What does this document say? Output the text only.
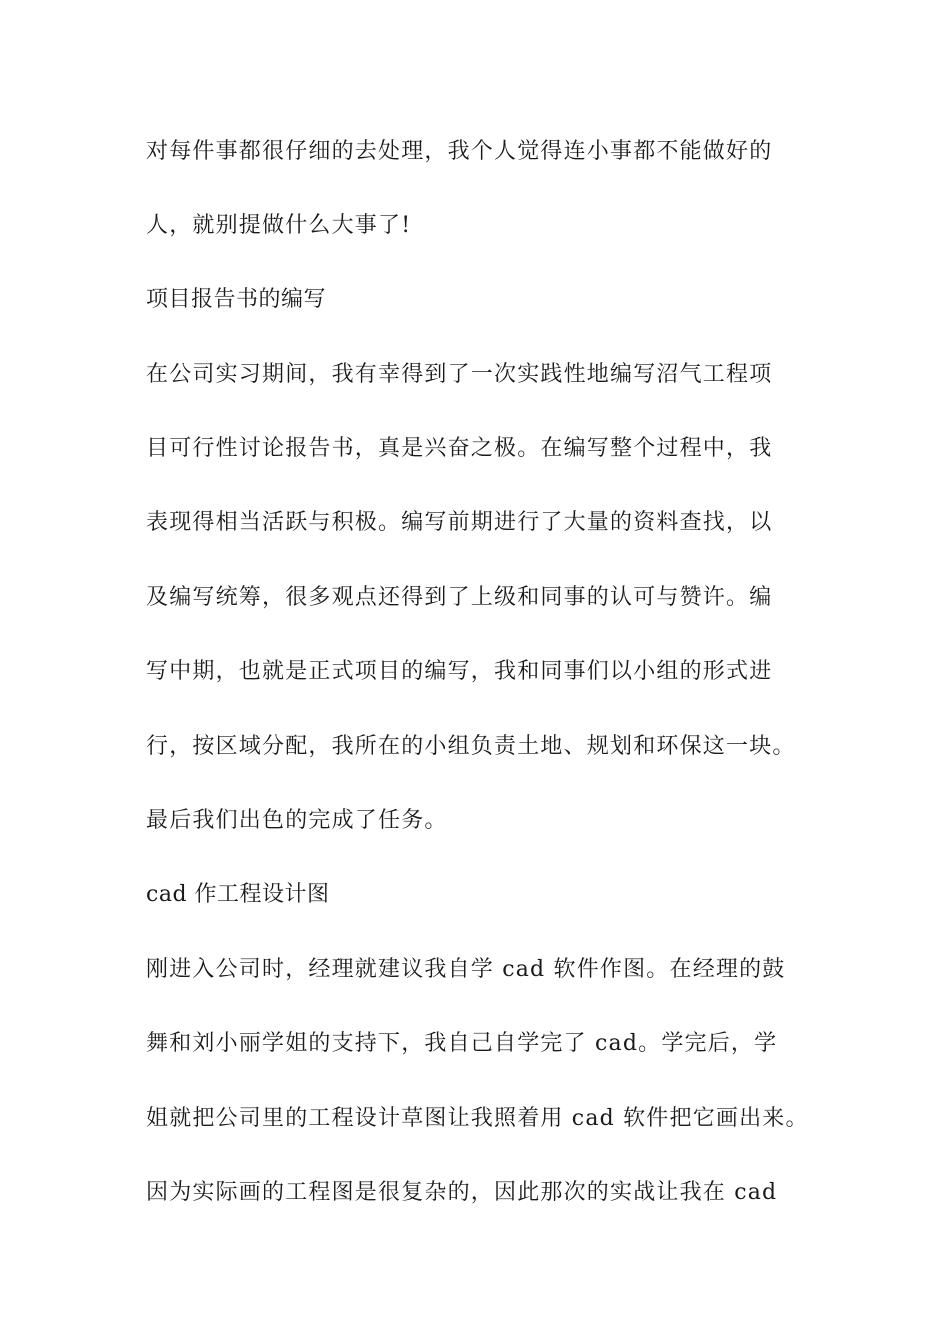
对每件事都很仔细的去处理，我个人觉得连小事都不能做好的
人，就别提做什么大事了!
项目报告书的编写
在公司实习期间，我有幸得到了一次实践性地编写沼气工程项
目可行性讨论报告书，真是兴奋之极。在编写整个过程中，我
表现得相当活跃与积极。编写前期进行了大量的资料查找，以
及编写统筹，很多观点还得到了上级和同事的认可与赞许。编
写中期，也就是正式项目的编写，我和同事们以小组的形式进
行，按区域分配，我所在的小组负责土地、规划和环保这一块。
最后我们出色的完成了任务。
cad 作工程设计图
刚进入公司时，经理就建议我自学 cad 软件作图。在经理的鼓
舞和刘小丽学姐的支持下，我自己自学完了 cad。学完后，学
姐就把公司里的工程设计草图让我照着用 cad 软件把它画出来。
因为实际画的工程图是很复杂的，因此那次的实战让我在 cad
